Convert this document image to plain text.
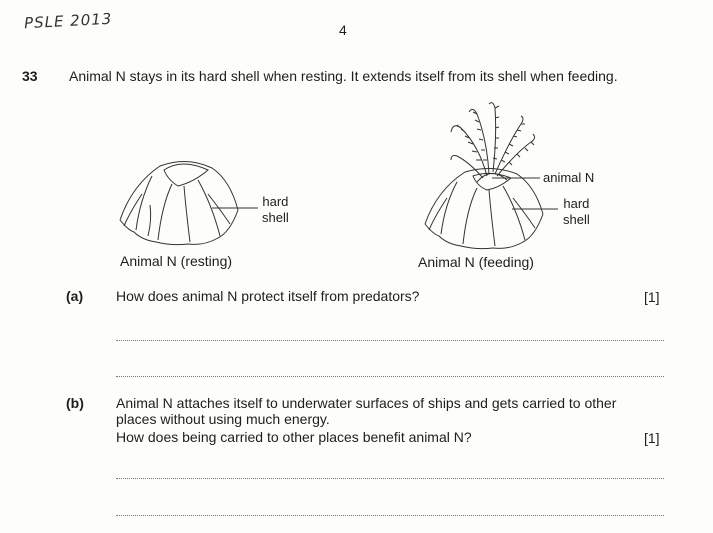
PSLE 2013	4
33 Animal N stays in its hard shell when resting. It extends itself from its shell when feeding.
hard
shell
Animal N (resting)
animal N
hard
shell
Animal N (feeding)
(a) How does animal N protect itself from predators?	[1]
(b) Animal N attaches itself to underwater surfaces of ships and gets carried to other
places without using much energy.
How does being carried to other places benefit animal N?	[1]
